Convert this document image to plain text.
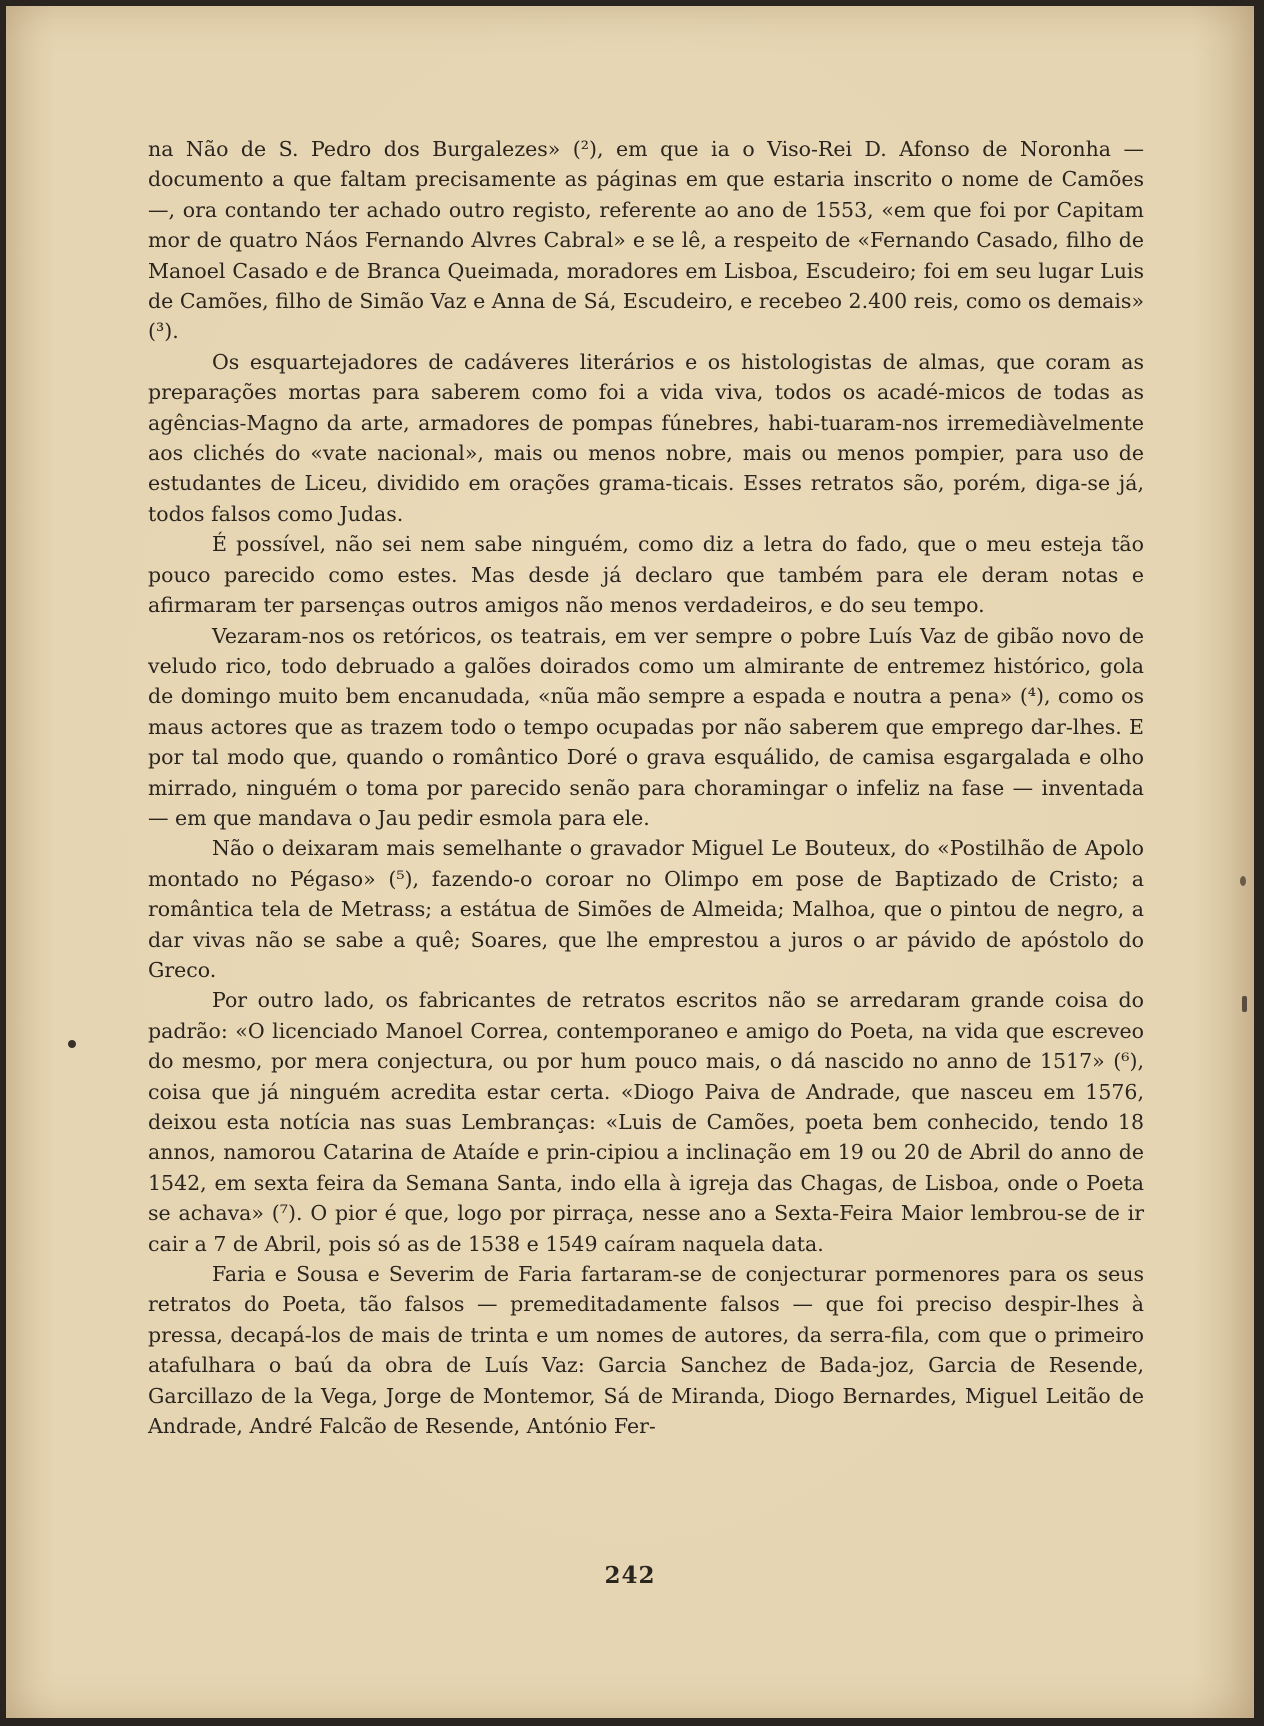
na Não de S. Pedro dos Burgalezes» (²), em que ia o Viso-Rei D. Afonso de Noronha — documento a que faltam precisamente as páginas em que estaria inscrito o nome de Camões —, ora contando ter achado outro registo, referente ao ano de 1553, «em que foi por Capitam mor de quatro Náos Fernando Alvres Cabral» e se lê, a respeito de «Fernando Casado, filho de Manoel Casado e de Branca Queimada, moradores em Lisboa, Escudeiro; foi em seu lugar Luis de Camões, filho de Simão Vaz e Anna de Sá, Escudeiro, e recebeo 2.400 reis, como os demais» (³).

Os esquartejadores de cadáveres literários e os histologistas de almas, que coram as preparações mortas para saberem como foi a vida viva, todos os acadé-micos de todas as agências-Magno da arte, armadores de pompas fúnebres, habi-tuaram-nos irremediàvelmente aos clichés do «vate nacional», mais ou menos nobre, mais ou menos pompier, para uso de estudantes de Liceu, dividido em orações grama-ticais. Esses retratos são, porém, diga-se já, todos falsos como Judas.

É possível, não sei nem sabe ninguém, como diz a letra do fado, que o meu esteja tão pouco parecido como estes. Mas desde já declaro que também para ele deram notas e afirmaram ter parsenças outros amigos não menos verdadeiros, e do seu tempo.

Vezaram-nos os retóricos, os teatrais, em ver sempre o pobre Luís Vaz de gibão novo de veludo rico, todo debruado a galões doirados como um almirante de entremez histórico, gola de domingo muito bem encanudada, «nũa mão sempre a espada e noutra a pena» (⁴), como os maus actores que as trazem todo o tempo ocupadas por não saberem que emprego dar-lhes. E por tal modo que, quando o romântico Doré o grava esquálido, de camisa esgargalada e olho mirrado, ninguém o toma por parecido senão para choramingar o infeliz na fase — inventada — em que mandava o Jau pedir esmola para ele.

Não o deixaram mais semelhante o gravador Miguel Le Bouteux, do «Postilhão de Apolo montado no Pégaso» (⁵), fazendo-o coroar no Olimpo em pose de Baptizado de Cristo; a romântica tela de Metrass; a estátua de Simões de Almeida; Malhoa, que o pintou de negro, a dar vivas não se sabe a quê; Soares, que lhe emprestou a juros o ar pávido de apóstolo do Greco.

Por outro lado, os fabricantes de retratos escritos não se arredaram grande coisa do padrão: «O licenciado Manoel Correa, contemporaneo e amigo do Poeta, na vida que escreveo do mesmo, por mera conjectura, ou por hum pouco mais, o dá nascido no anno de 1517» (⁶), coisa que já ninguém acredita estar certa. «Diogo Paiva de Andrade, que nasceu em 1576, deixou esta notícia nas suas Lembranças: «Luis de Camões, poeta bem conhecido, tendo 18 annos, namorou Catarina de Ataíde e prin-cipiou a inclinação em 19 ou 20 de Abril do anno de 1542, em sexta feira da Semana Santa, indo ella à igreja das Chagas, de Lisboa, onde o Poeta se achava» (⁷). O pior é que, logo por pirraça, nesse ano a Sexta-Feira Maior lembrou-se de ir cair a 7 de Abril, pois só as de 1538 e 1549 caíram naquela data.

Faria e Sousa e Severim de Faria fartaram-se de conjecturar pormenores para os seus retratos do Poeta, tão falsos — premeditadamente falsos — que foi preciso despir-lhes à pressa, decapá-los de mais de trinta e um nomes de autores, da serra-fila, com que o primeiro atafulhara o baú da obra de Luís Vaz: Garcia Sanchez de Bada-joz, Garcia de Resende, Garcillazo de la Vega, Jorge de Montemor, Sá de Miranda, Diogo Bernardes, Miguel Leitão de Andrade, André Falcão de Resende, António Fer-

242
